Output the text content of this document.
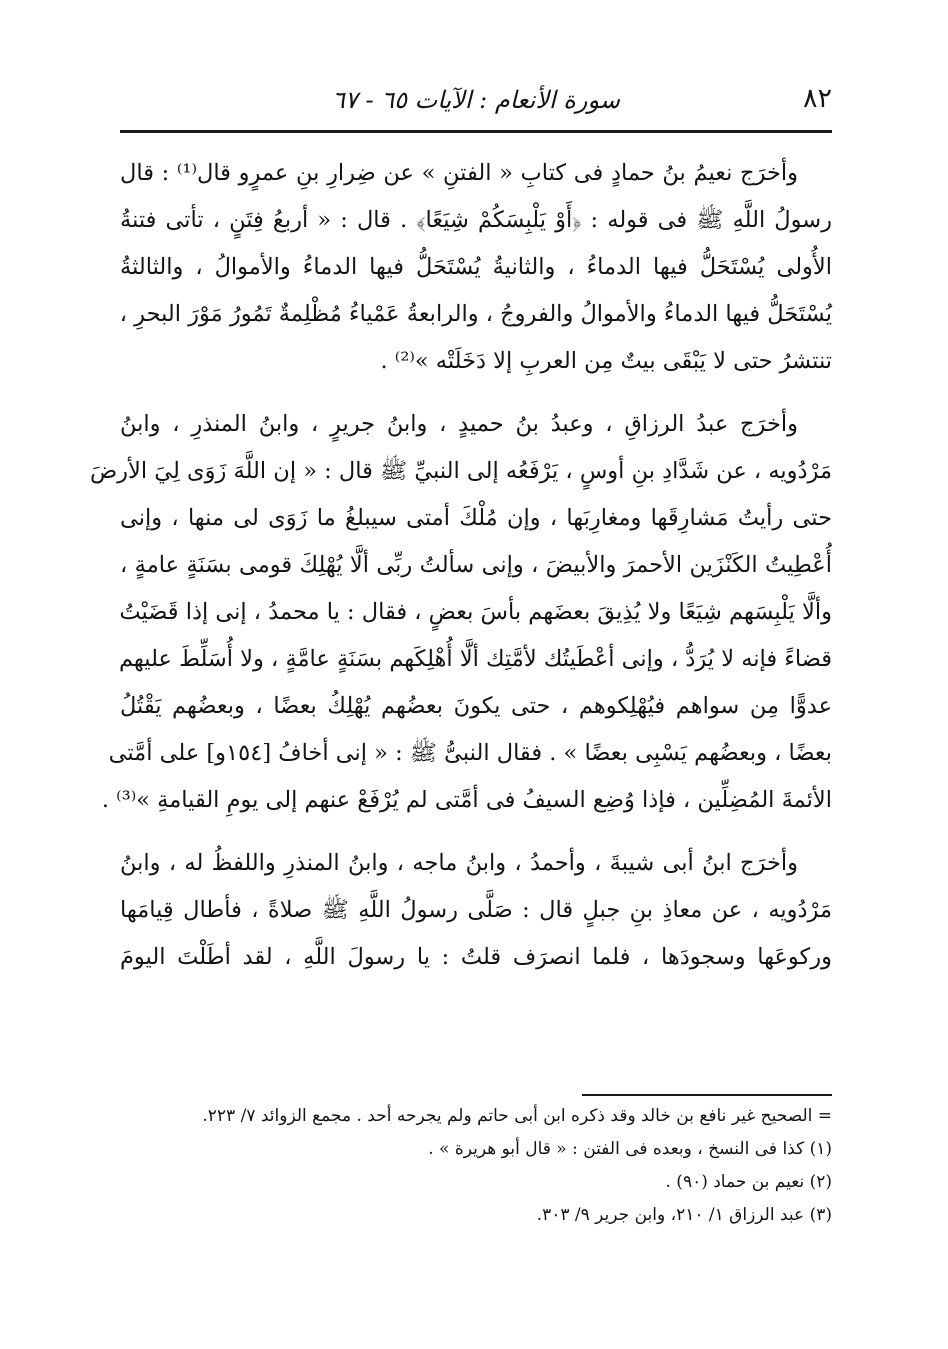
٨٢
سورة الأنعام : الآيات ٦٥ - ٦٧
وأخرَج نعيمُ بنُ حمادٍ فى كتابِ « الفتنِ » عن ضِرارِ بنِ عمرٍو قال⁽¹⁾ : قال
رسولُ اللَّهِ ﷺ فى قوله : ﴿أَوْ يَلْبِسَكُمْ شِيَعًا﴾ . قال : « أربعُ فِتَنٍ ، تأتى فتنةُ
الأُولى يُسْتَحَلُّ فيها الدماءُ ، والثانيةُ يُسْتَحَلُّ فيها الدماءُ والأموالُ ، والثالثةُ
يُسْتَحَلُّ فيها الدماءُ والأموالُ والفروجُ ، والرابعةُ عَمْياءُ مُظْلِمةٌ تَمُورُ مَوْرَ البحرِ ،
تنتشرُ حتى لا يَبْقَى بيتٌ مِن العربِ إلا دَخَلَتْه »⁽²⁾ .
وأخرَج عبدُ الرزاقِ ، وعبدُ بنُ حميدٍ ، وابنُ جريرٍ ، وابنُ المنذرِ ، وابنُ
مَرْدُويه ، عن شَدَّادِ بنِ أوسٍ ، يَرْفَعُه إلى النبيِّ ﷺ قال : « إن اللَّهَ زَوَى لِيَ الأرضَ
حتى رأيتُ مَشارِقَها ومغارِبَها ، وإن مُلْكَ أمتى سيبلغُ ما زَوَى لى منها ، وإنى
أُعْطِيتُ الكَنْزَين الأحمرَ والأبيضَ ، وإنى سألتُ ربِّى ألَّا يُهْلِكَ قومى بسَنَةٍ عامةٍ ،
وألَّا يَلْبِسَهم شِيَعًا ولا يُذِيقَ بعضَهم بأسَ بعضٍ ، فقال : يا محمدُ ، إنى إذا قَضَيْتُ
قضاءً فإنه لا يُرَدُّ ، وإنى أعْطَيتُك لأمَّتِك ألَّا أُهْلِكَهم بسَنَةٍ عامَّةٍ ، ولا أُسَلِّطَ عليهم
عدوًّا مِن سواهم فيُهْلِكوهم ، حتى يكونَ بعضُهم يُهْلِكُ بعضًا ، وبعضُهم يَقْتُلُ
بعضًا ، وبعضُهم يَسْبِى بعضًا » . فقال النبىُّ ﷺ : « إنى أخافُ [١٥٤و] على أمَّتى
الأئمةَ المُضِلِّين ، فإذا وُضِع السيفُ فى أمَّتى لم يُرْفَعْ عنهم إلى يومِ القيامةِ »⁽³⁾ .
وأخرَج ابنُ أبى شيبةَ ، وأحمدُ ، وابنُ ماجه ، وابنُ المنذرِ واللفظُ له ، وابنُ
مَرْدُويه ، عن معاذِ بنِ جبلٍ قال : صَلَّى رسولُ اللَّهِ ﷺ صلاةً ، فأطال قِيامَها
وركوعَها وسجودَها ، فلما انصرَف قلتُ : يا رسولَ اللَّهِ ، لقد أطَلْتَ اليومَ
= الصحيح غير نافع بن خالد وقد ذكره ابن أبى حاتم ولم يجرحه أحد . مجمع الزوائد ٧/ ٢٢٣.
(١) كذا فى النسخ ، وبعده فى الفتن : « قال أبو هريرة » .
(٢) نعيم بن حماد (٩٠) .
(٣) عبد الرزاق ١/ ٢١٠، وابن جرير ٩/ ٣٠٣.
